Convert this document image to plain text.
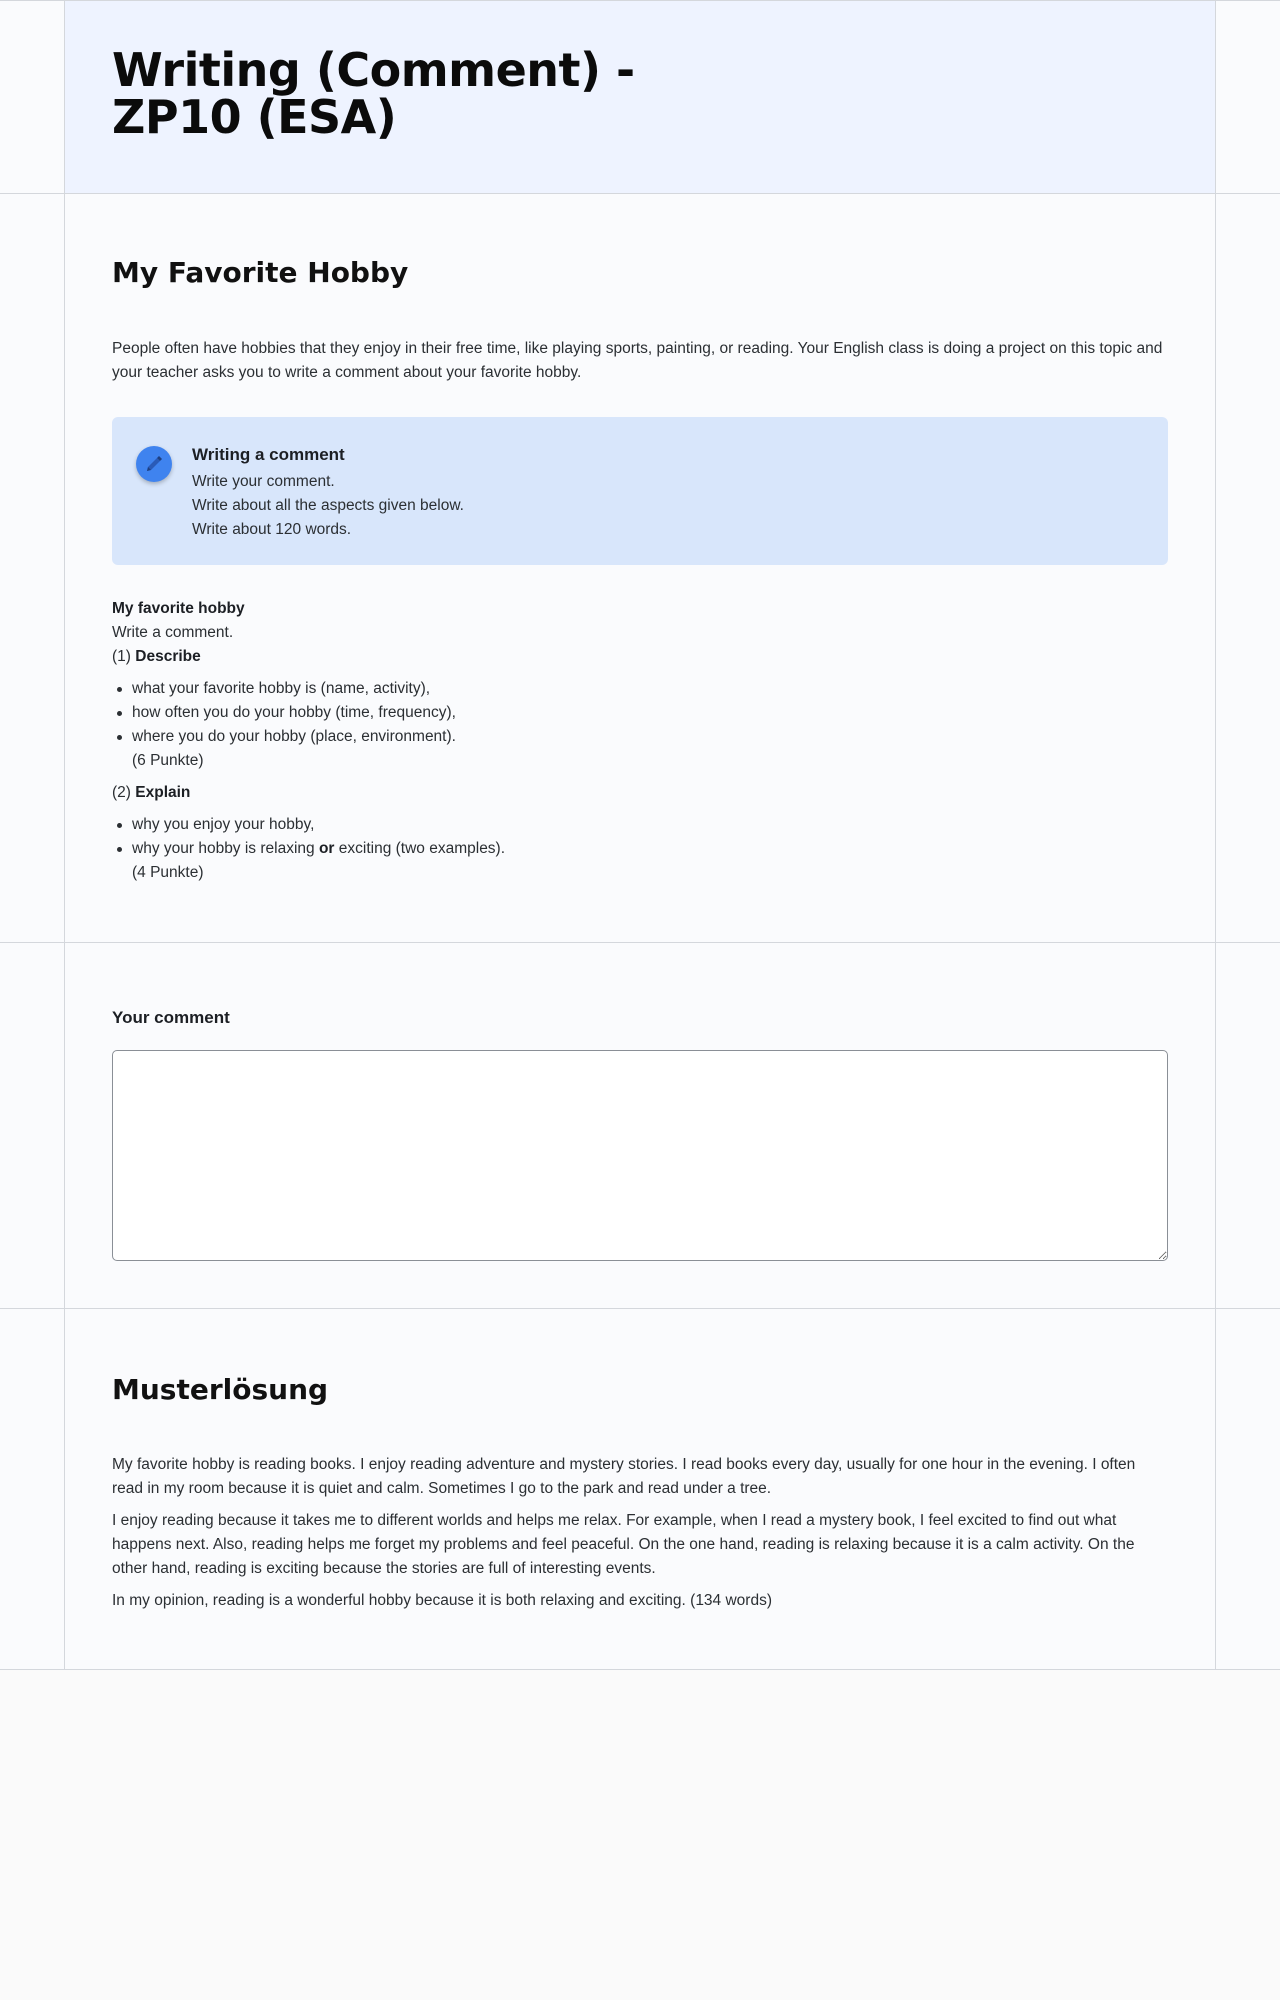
Writing (Comment) - ZP10 (ESA)
My Favorite Hobby

People often have hobbies that they enjoy in their free time, like playing sports, painting, or reading. Your English class is doing a project on this topic and your teacher asks you to write a comment about your favorite hobby.

Writing a comment
Write your comment.
Write about all the aspects given below.
Write about 120 words.
My favorite hobby
Write a comment.
(1) Describe
what your favorite hobby is (name, activity),
how often you do your hobby (time, frequency),
where you do your hobby (place, environment).
(6 Punkte)
(2) Explain
why you enjoy your hobby,
why your hobby is relaxing or exciting (two examples).
(4 Punkte)
Your comment
Musterlösung

My favorite hobby is reading books. I enjoy reading adventure and mystery stories. I read books every day, usually for one hour in the evening. I often read in my room because it is quiet and calm. Sometimes I go to the park and read under a tree.

I enjoy reading because it takes me to different worlds and helps me relax. For example, when I read a mystery book, I feel excited to find out what happens next. Also, reading helps me forget my problems and feel peaceful. On the one hand, reading is relaxing because it is a calm activity. On the other hand, reading is exciting because the stories are full of interesting events.

In my opinion, reading is a wonderful hobby because it is both relaxing and exciting. (134 words)
